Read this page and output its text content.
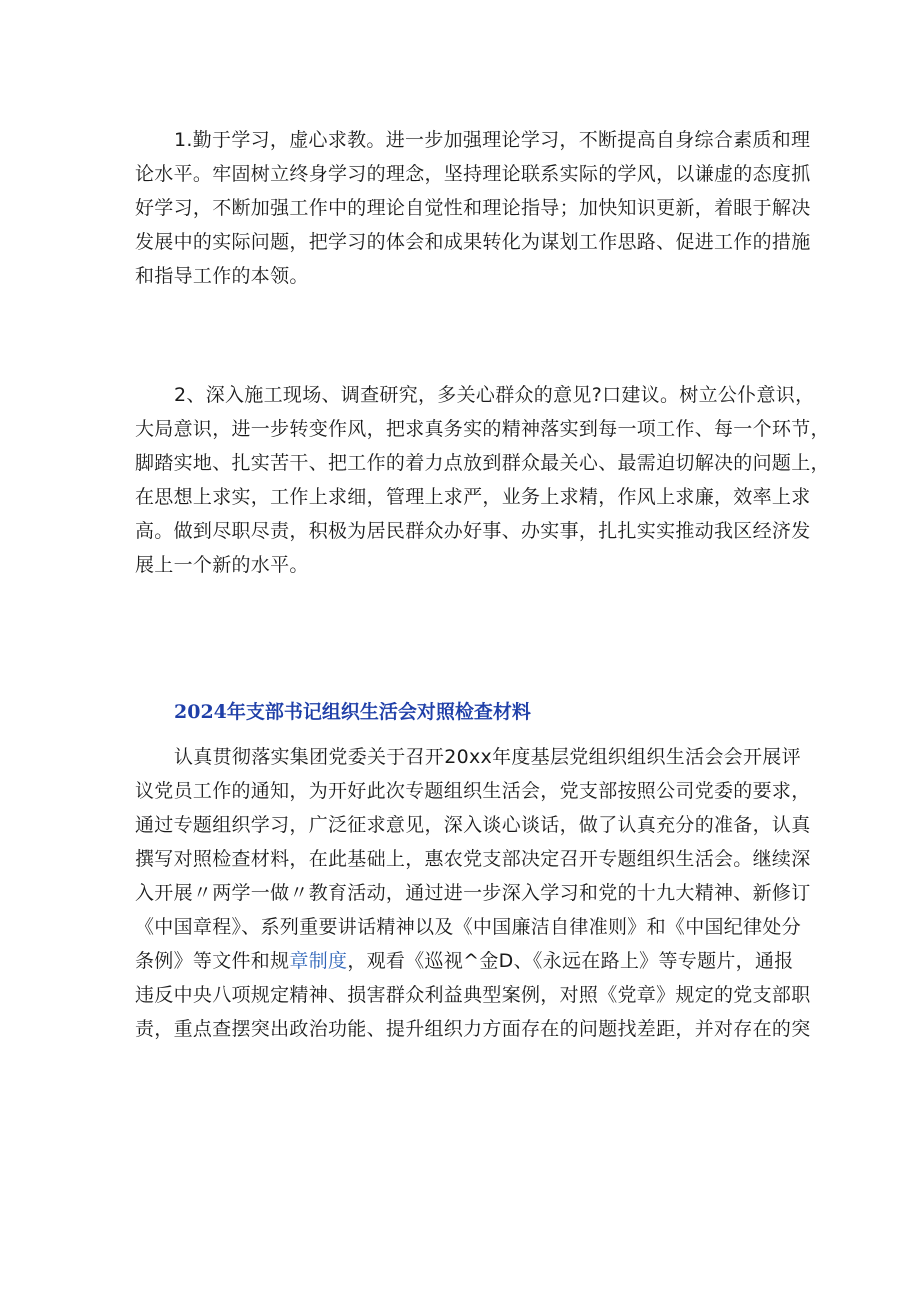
1.勤于学习，虚心求教。进一步加强理论学习，不断提高自身综合素质和理
论水平。牢固树立终身学习的理念，坚持理论联系实际的学风，以谦虚的态度抓
好学习，不断加强工作中的理论自觉性和理论指导；加快知识更新，着眼于解决
发展中的实际问题，把学习的体会和成果转化为谋划工作思路、促进工作的措施
和指导工作的本领。
2、深入施工现场、调查研究，多关心群众的意见?口建议。树立公仆意识，
大局意识，进一步转变作风，把求真务实的精神落实到每一项工作、每一个环节，
脚踏实地、扎实苦干、把工作的着力点放到群众最关心、最需迫切解决的问题上，
在思想上求实，工作上求细，管理上求严，业务上求精，作风上求廉，效率上求
高。做到尽职尽责，积极为居民群众办好事、办实事，扎扎实实推动我区经济发
展上一个新的水平。
2024年支部书记组织生活会对照检查材料
认真贯彻落实集团党委关于召开20xx年度基层党组织组织生活会会开展评
议党员工作的通知，为开好此次专题组织生活会，党支部按照公司党委的要求，
通过专题组织学习，广泛征求意见，深入谈心谈话，做了认真充分的准备，认真
撰写对照检查材料，在此基础上，惠农党支部决定召开专题组织生活会。继续深
入开展〃两学一做〃教育活动，通过进一步深入学习和党的十九大精神、新修订
《中国章程》、系列重要讲话精神以及《中国廉洁自律准则》和《中国纪律处分
条例》等文件和规章制度，观看《巡视^金D、《永远在路上》等专题片，通报
违反中央八项规定精神、损害群众利益典型案例，对照《党章》规定的党支部职
责，重点查摆突出政治功能、提升组织力方面存在的问题找差距，并对存在的突
